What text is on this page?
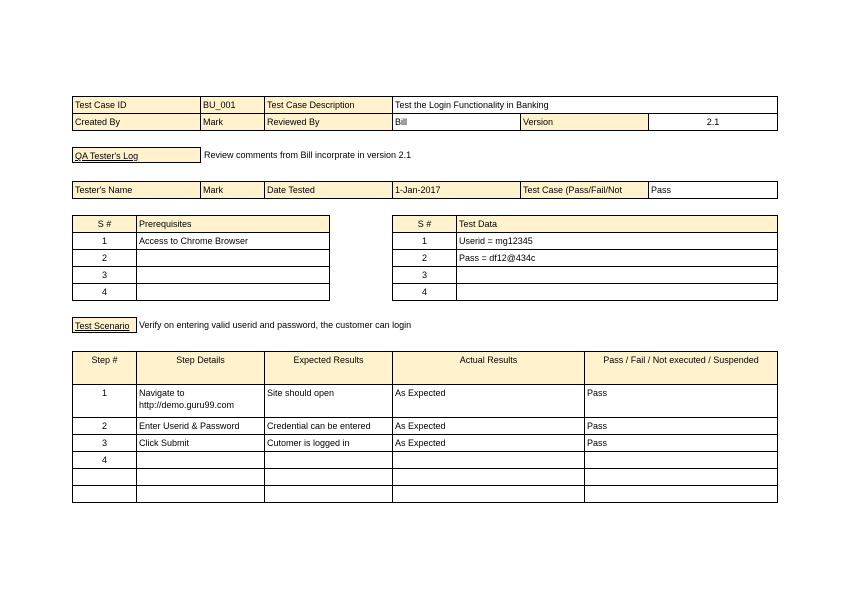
Test Case ID	BU_001	Test Case Description	Test the Login Functionality in Banking		
Created By	Mark	Reviewed By	Bill	Version	2.1
QA Tester's Log	Review comments from Bill incorprate in version 2.1
Tester's Name	Mark	Date Tested	1-Jan-2017	Test Case (Pass/Fail/Not	Pass
S #	Prerequisites
1	Access to Chrome Browser
2	
3	
4	
S #	Test Data
1	Userid = mg12345
2	Pass = df12@434c
3	
4	
Test Scenario	Verify on entering valid userid and password, the customer can login
Step #	Step Details	Expected Results	Actual Results	Pass / Fail / Not executed / Suspended
1	Navigate to http://demo.guru99.com	Site should open	As Expected	Pass
2	Enter Userid & Password	Credential can be entered	As Expected	Pass
3	Click Submit	Cutomer is logged in	As Expected	Pass
4				
